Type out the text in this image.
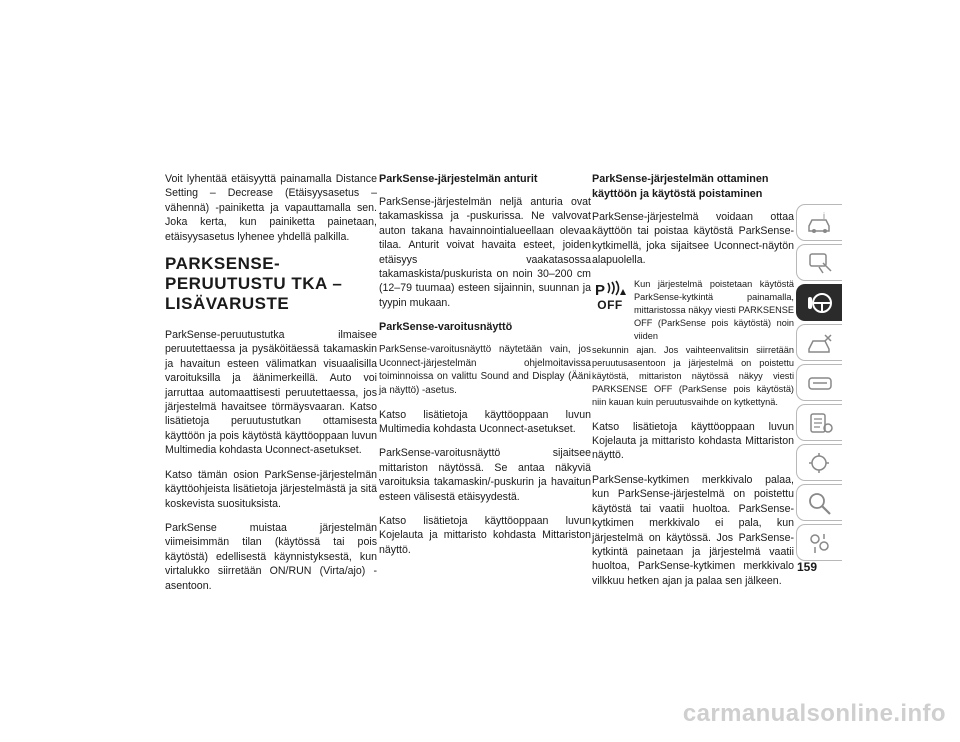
Voit lyhentää etäisyyttä painamalla Distance Setting – Decrease (Etäisyysasetus – vähennä) -painiketta ja vapauttamalla sen. Joka kerta, kun painiketta painetaan, etäisyysasetus lyhenee yhdellä palkilla.

PARKSENSE-PERUUTUSTU TKA – LISÄVARUSTE

ParkSense-peruutustutka ilmaisee peruutettaessa ja pysäköitäessä takamaskin ja havaitun esteen välimatkan visuaalisilla varoituksilla ja äänimerkeillä. Auto voi jarruttaa automaattisesti peruutettaessa, jos järjestelmä havaitsee törmäysvaaran. Katso lisätietoja peruutustutkan ottamisesta käyttöön ja pois käytöstä käyttöoppaan luvun Multimedia kohdasta Uconnect-asetukset.

Katso tämän osion ParkSense-järjestelmän käyttöohjeista lisätietoja järjestelmästä ja sitä koskevista suosituksista.

ParkSense muistaa järjestelmän viimeisimmän tilan (käytössä tai pois käytöstä) edellisestä käynnistyksestä, kun virtalukko siirretään ON/RUN (Virta/ajo) -asentoon.

ParkSense-järjestelmän anturit

ParkSense-järjestelmän neljä anturia ovat takamaskissa ja -puskurissa. Ne valvovat auton takana havainnointialueellaan olevaa tilaa. Anturit voivat havaita esteet, joiden etäisyys vaakatasossa takamaskista/puskurista on noin 30–200 cm (12–79 tuumaa) esteen sijainnin, suunnan ja tyypin mukaan.

ParkSense-varoitusnäyttö

ParkSense-varoitusnäyttö näytetään vain, jos Uconnect-järjestelmän ohjelmoitavissa toiminnoissa on valittu Sound and Display (Ääni ja näyttö) -asetus.

Katso lisätietoja käyttöoppaan luvun Multimedia kohdasta Uconnect-asetukset.

ParkSense-varoitusnäyttö sijaitsee mittariston näytössä. Se antaa näkyviä varoituksia takamaskin/-puskurin ja havaitun esteen välisestä etäisyydestä.

Katso lisätietoja käyttöoppaan luvun Kojelauta ja mittaristo kohdasta Mittariston näyttö.

ParkSense-järjestelmän ottaminen käyttöön ja käytöstä poistaminen

ParkSense-järjestelmä voidaan ottaa käyttöön tai poistaa käytöstä ParkSense-kytkimellä, joka sijaitsee Uconnect-näytön alapuolella.

P
OFF

Kun järjestelmä poistetaan käytöstä ParkSense-kytkintä painamalla, mittaristossa näkyy viesti PARKSENSE OFF (ParkSense pois käytöstä) noin viiden

sekunnin ajan. Jos vaihteenvalitsin siirretään peruutusasentoon ja järjestelmä on poistettu käytöstä, mittariston näytössä näkyy viesti PARKSENSE OFF (ParkSense pois käytöstä) niin kauan kuin peruutusvaihde on kytkettynä.

Katso lisätietoja käyttöoppaan luvun Kojelauta ja mittaristo kohdasta Mittariston näyttö.

ParkSense-kytkimen merkkivalo palaa, kun ParkSense-järjestelmä on poistettu käytöstä tai vaatii huoltoa. ParkSense-kytkimen merkkivalo ei pala, kun järjestelmä on käytössä. Jos ParkSense-kytkintä painetaan ja järjestelmä vaatii huoltoa, ParkSense-kytkimen merkkivalo vilkkuu hetken ajan ja palaa sen jälkeen.

i
159
carmanualsonline.info
